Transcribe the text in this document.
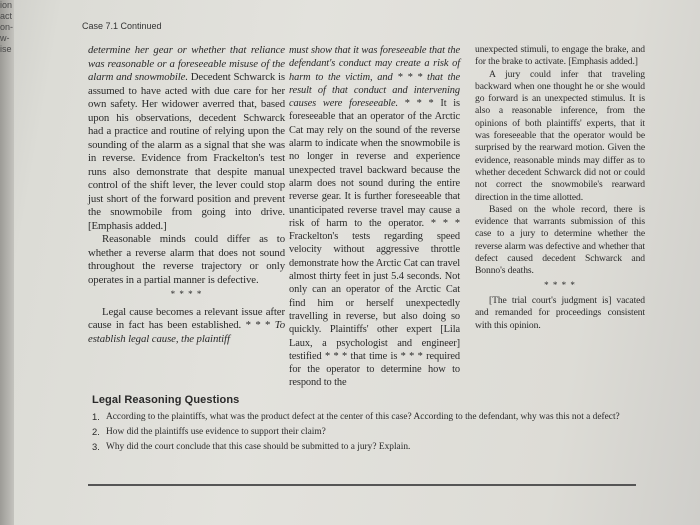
ion
act
on-
w-
ise
Case 7.1 Continued

determine her gear or whether that reliance was reasonable or a foreseeable misuse of the alarm and snowmobile. Decedent Schwarck is assumed to have acted with due care for her own safety. Her widower averred that, based upon his observations, decedent Schwarck had a practice and routine of relying upon the sounding of the alarm as a signal that she was in reverse. Evidence from Frackelton's test runs also demonstrate that despite manual control of the shift lever, the lever could stop just short of the forward position and prevent the snowmobile from going into drive. [Emphasis added.]

Reasonable minds could differ as to whether a reverse alarm that does not sound throughout the reverse trajectory or only operates in a partial manner is defective.

* * * *

Legal cause becomes a relevant issue after cause in fact has been established. * * * To establish legal cause, the plaintiff

must show that it was foreseeable that the defendant's conduct may create a risk of harm to the victim, and * * * that the result of that conduct and intervening causes were foreseeable. * * * It is foreseeable that an operator of the Arctic Cat may rely on the sound of the reverse alarm to indicate when the snowmobile is no longer in reverse and experience unexpected travel backward because the alarm does not sound during the entire reverse gear. It is further foreseeable that unanticipated reverse travel may cause a risk of harm to the operator. * * * Frackelton's tests regarding speed velocity without aggressive throttle demonstrate how the Arctic Cat can travel almost thirty feet in just 5.4 seconds. Not only can an operator of the Arctic Cat find him or herself unexpectedly travelling in reverse, but also doing so quickly. Plaintiffs' other expert [Lila Laux, a psychologist and engineer] testified * * * that time is * * * required for the operator to determine how to respond to the

unexpected stimuli, to engage the brake, and for the brake to activate. [Emphasis added.]

A jury could infer that traveling backward when one thought he or she would go forward is an unexpected stimulus. It is also a reasonable inference, from the opinions of both plaintiffs' experts, that it was foreseeable that the operator would be surprised by the rearward motion. Given the evidence, reasonable minds may differ as to whether decedent Schwarck did not or could not correct the snowmobile's rearward direction in the time allotted.

Based on the whole record, there is evidence that warrants submission of this case to a jury to determine whether the reverse alarm was defective and whether that defect caused decedent Schwarck and Bonno's deaths.

* * * *

[The trial court's judgment is] vacated and remanded for proceedings consistent with this opinion.

Legal Reasoning Questions
1. According to the plaintiffs, what was the product defect at the center of this case? According to the defendant, why was this not a defect?
2. How did the plaintiffs use evidence to support their claim?
3. Why did the court conclude that this case should be submitted to a jury? Explain.
